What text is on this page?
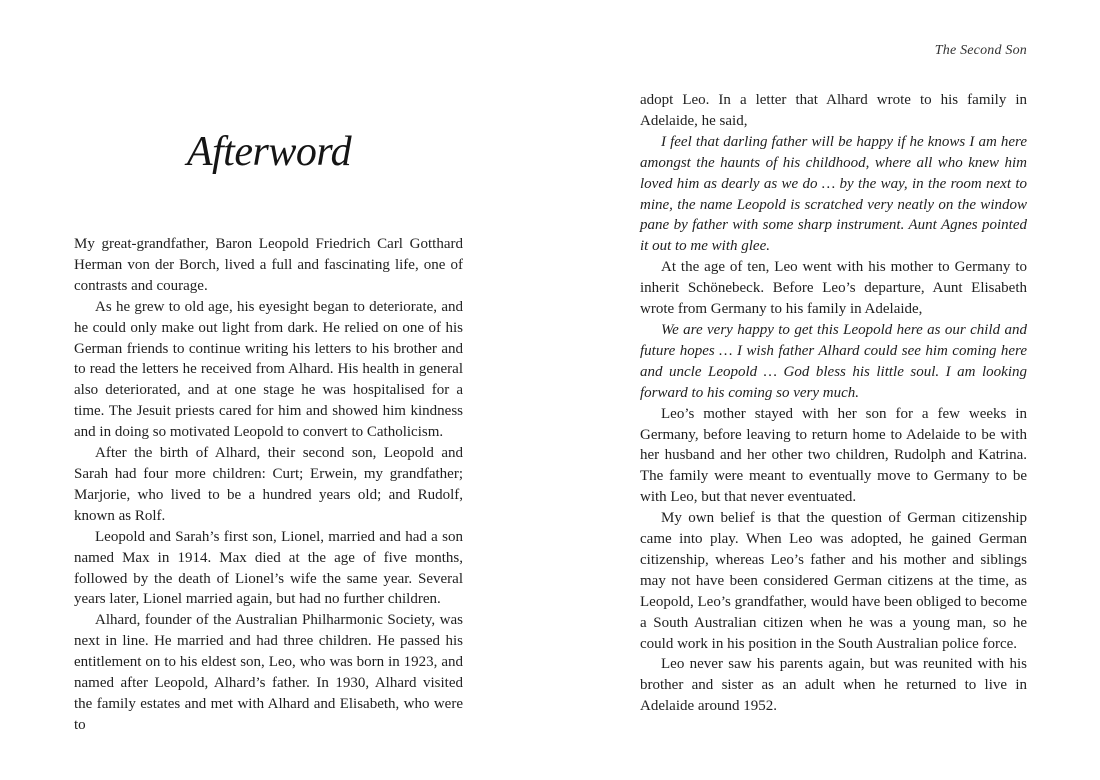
Afterword

My great-grandfather, Baron Leopold Friedrich Carl Gotthard Herman von der Borch, lived a full and fascinating life, one of contrasts and courage.

As he grew to old age, his eyesight began to deteriorate, and he could only make out light from dark. He relied on one of his German friends to continue writing his letters to his brother and to read the letters he received from Alhard. His health in general also deteriorated, and at one stage he was hospitalised for a time. The Jesuit priests cared for him and showed him kindness and in doing so motivated Leopold to convert to Catholicism.

After the birth of Alhard, their second son, Leopold and Sarah had four more children: Curt; Erwein, my grandfather; Marjorie, who lived to be a hundred years old; and Rudolf, known as Rolf.

Leopold and Sarah’s first son, Lionel, married and had a son named Max in 1914. Max died at the age of five months, followed by the death of Lionel’s wife the same year. Several years later, Lionel married again, but had no further children.

Alhard, founder of the Australian Philharmonic Society, was next in line. He married and had three children. He passed his entitlement on to his eldest son, Leo, who was born in 1923, and named after Leopold, Alhard’s father. In 1930, Alhard visited the family estates and met with Alhard and Elisabeth, who were to

The Second Son

adopt Leo. In a letter that Alhard wrote to his family in Adelaide, he said,

I feel that darling father will be happy if he knows I am here amongst the haunts of his childhood, where all who knew him loved him as dearly as we do … by the way, in the room next to mine, the name Leopold is scratched very neatly on the window pane by father with some sharp instrument. Aunt Agnes pointed it out to me with glee.

At the age of ten, Leo went with his mother to Germany to inherit Schönebeck. Before Leo’s departure, Aunt Elisabeth wrote from Germany to his family in Adelaide,

We are very happy to get this Leopold here as our child and future hopes … I wish father Alhard could see him coming here and uncle Leopold … God bless his little soul. I am looking forward to his coming so very much.

Leo’s mother stayed with her son for a few weeks in Germany, before leaving to return home to Adelaide to be with her husband and her other two children, Rudolph and Katrina. The family were meant to eventually move to Germany to be with Leo, but that never eventuated.

My own belief is that the question of German citizenship came into play. When Leo was adopted, he gained German citizenship, whereas Leo’s father and his mother and siblings may not have been considered German citizens at the time, as Leopold, Leo’s grandfather, would have been obliged to become a South Australian citizen when he was a young man, so he could work in his position in the South Australian police force.

Leo never saw his parents again, but was reunited with his brother and sister as an adult when he returned to live in Adelaide around 1952.
